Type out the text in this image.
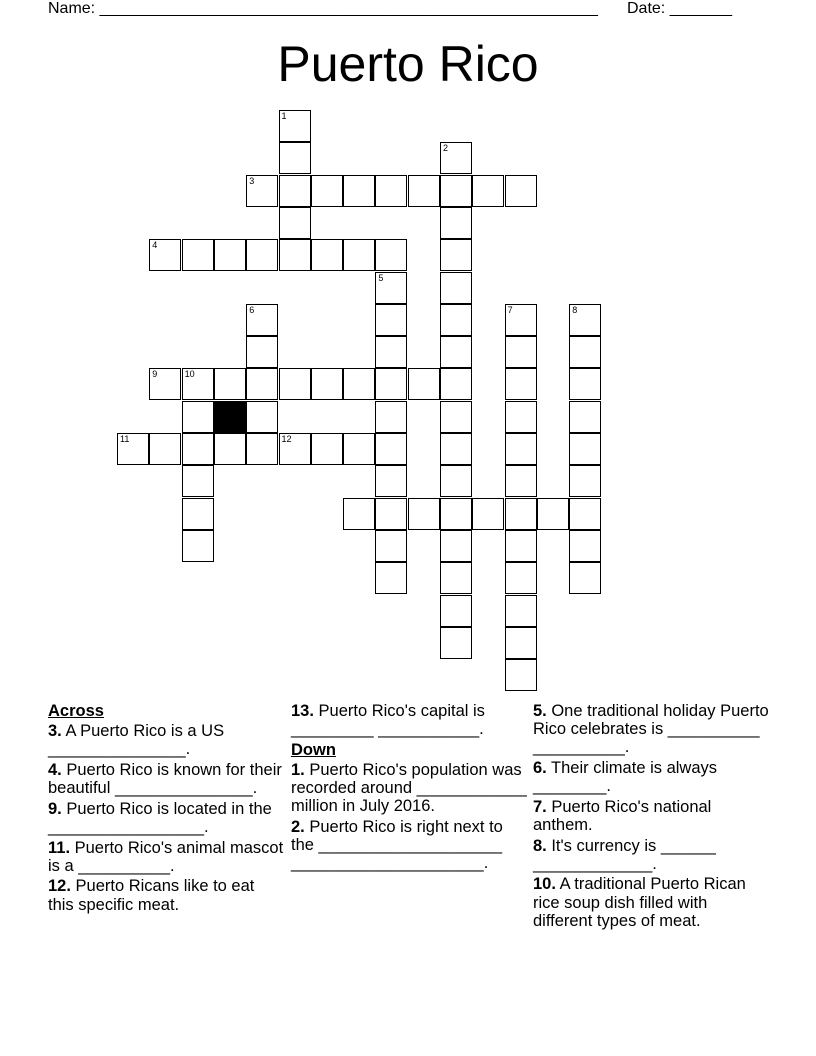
Name: ________________________________________________________ Date: _______
Puerto Rico
1
2
3
4
5
6	7	8
9	10
11	12
Across
3. A Puerto Rico is a US _______________.
4. Puerto Rico is known for their beautiful _______________.
9. Puerto Rico is located in the _________________.
11. Puerto Rico's animal mascot is a __________.
12. Puerto Ricans like to eat this specific meat.
13. Puerto Rico's capital is _________ ___________.
Down
1. Puerto Rico's population was recorded around ____________ million in July 2016.
2. Puerto Rico is right next to the ____________________ _____________________.
5. One traditional holiday Puerto Rico celebrates is __________ __________.
6. Their climate is always ________.
7. Puerto Rico's national anthem.
8. It's currency is ______ _____________.
10. A traditional Puerto Rican rice soup dish filled with different types of meat.
